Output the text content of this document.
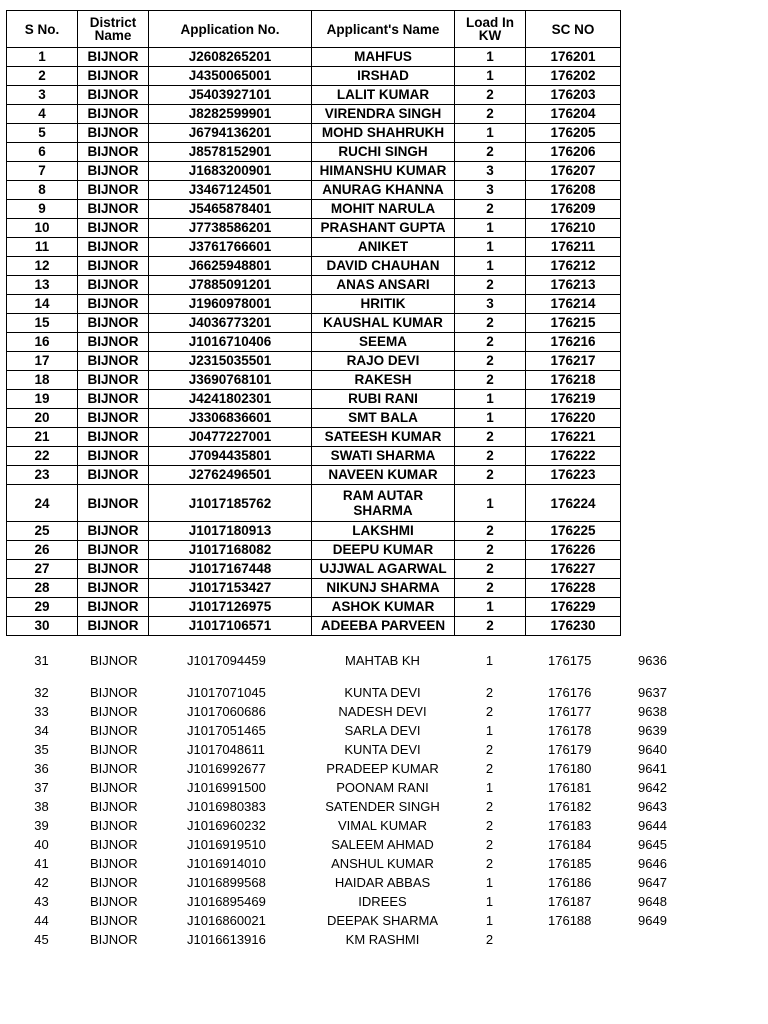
S No.	District Name	Application No.	Applicant's Name	Load In KW	SC NO
1	BIJNOR	J2608265201	MAHFUS	1	176201
2	BIJNOR	J4350065001	IRSHAD	1	176202
3	BIJNOR	J5403927101	LALIT KUMAR	2	176203
4	BIJNOR	J8282599901	VIRENDRA SINGH	2	176204
5	BIJNOR	J6794136201	MOHD SHAHRUKH	1	176205
6	BIJNOR	J8578152901	RUCHI SINGH	2	176206
7	BIJNOR	J1683200901	HIMANSHU KUMAR	3	176207
8	BIJNOR	J3467124501	ANURAG KHANNA	3	176208
9	BIJNOR	J5465878401	MOHIT NARULA	2	176209
10	BIJNOR	J7738586201	PRASHANT GUPTA	1	176210
11	BIJNOR	J3761766601	ANIKET	1	176211
12	BIJNOR	J6625948801	DAVID CHAUHAN	1	176212
13	BIJNOR	J7885091201	ANAS ANSARI	2	176213
14	BIJNOR	J1960978001	HRITIK	3	176214
15	BIJNOR	J4036773201	KAUSHAL KUMAR	2	176215
16	BIJNOR	J1016710406	SEEMA	2	176216
17	BIJNOR	J2315035501	RAJO DEVI	2	176217
18	BIJNOR	J3690768101	RAKESH	2	176218
19	BIJNOR	J4241802301	RUBI RANI	1	176219
20	BIJNOR	J3306836601	SMT BALA	1	176220
21	BIJNOR	J0477227001	SATEESH KUMAR	2	176221
22	BIJNOR	J7094435801	SWATI SHARMA	2	176222
23	BIJNOR	J2762496501	NAVEEN KUMAR	2	176223
24	BIJNOR	J1017185762	RAM AUTAR SHARMA	1	176224
25	BIJNOR	J1017180913	LAKSHMI	2	176225
26	BIJNOR	J1017168082	DEEPU KUMAR	2	176226
27	BIJNOR	J1017167448	UJJWAL AGARWAL	2	176227
28	BIJNOR	J1017153427	NIKUNJ SHARMA	2	176228
29	BIJNOR	J1017126975	ASHOK KUMAR	1	176229
30	BIJNOR	J1017106571	ADEEBA PARVEEN	2	176230
31	BIJNOR	J1017094459	MAHTAB KH	1	176175	9636
32	BIJNOR	J1017071045	KUNTA DEVI	2	176176	9637
33	BIJNOR	J1017060686	NADESH DEVI	2	176177	9638
34	BIJNOR	J1017051465	SARLA DEVI	1	176178	9639
35	BIJNOR	J1017048611	KUNTA DEVI	2	176179	9640
36	BIJNOR	J1016992677	PRADEEP KUMAR	2	176180	9641
37	BIJNOR	J1016991500	POONAM RANI	1	176181	9642
38	BIJNOR	J1016980383	SATENDER SINGH	2	176182	9643
39	BIJNOR	J1016960232	VIMAL KUMAR	2	176183	9644
40	BIJNOR	J1016919510	SALEEM AHMAD	2	176184	9645
41	BIJNOR	J1016914010	ANSHUL KUMAR	2	176185	9646
42	BIJNOR	J1016899568	HAIDAR ABBAS	1	176186	9647
43	BIJNOR	J1016895469	IDREES	1	176187	9648
44	BIJNOR	J1016860021	DEEPAK SHARMA	1	176188	9649
45	BIJNOR	J1016613916	KM RASHMI	2		
